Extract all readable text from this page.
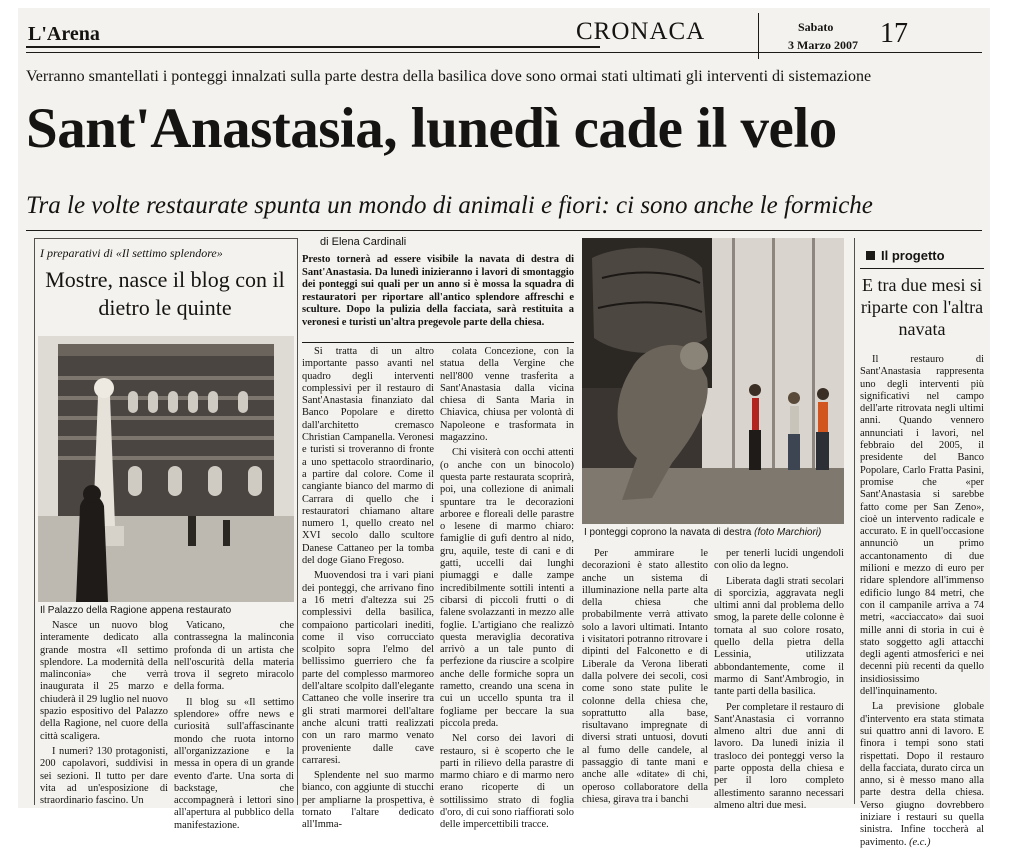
L'Arena	CRONACA	Sabato
3 Marzo 2007 17
Verranno smantellati i ponteggi innalzati sulla parte destra della basilica dove sono ormai stati ultimati gli interventi di sistemazione
Sant'Anastasia, lunedì cade il velo
Tra le volte restaurate spunta un mondo di animali e fiori: ci sono anche le formiche
I preparativi di «Il settimo splendore»
Mostre, nasce il blog con il dietro le quinte
Il Palazzo della Ragione appena restaurato

Nasce un nuovo blog interamente dedicato alla grande mostra «Il settimo splendore. La modernità della malinconia» che verrà inaugurata il 25 marzo e chiuderà il 29 luglio nel nuovo spazio espositivo del Palazzo della Ragione, nel cuore della città scaligera.

I numeri? 130 protagonisti, 200 capolavori, suddivisi in sei sezioni. Il tutto per dare vita ad un'esposizione di straordinario fascino. Un

Vaticano, che contrassegna la malinconia profonda di un artista che nell'oscurità della materia trova il segreto miracolo della forma.

Il blog su «Il settimo splendore» offre news e curiosità sull'affascinante mondo che ruota intorno all'organizzazione e la messa in opera di un grande evento d'arte. Una sorta di backstage, che accompagnerà i lettori sino all'apertura al pubblico della manifestazione.

di Elena Cardinali
Presto tornerà ad essere visibile la navata di destra di Sant'Anastasia. Da lunedì inizieranno i lavori di smontaggio dei ponteggi sui quali per un anno si è mossa la squadra di restauratori per riportare all'antico splendore affreschi e sculture. Dopo la pulizia della facciata, sarà restituita a veronesi e turisti un'altra pregevole parte della chiesa.

Si tratta di un altro importante passo avanti nel quadro degli interventi complessivi per il restauro di Sant'Anastasia finanziato dal Banco Popolare e diretto dall'architetto cremasco Christian Campanella. Veronesi e turisti si troveranno di fronte a uno spettacolo straordinario, a partire dal colore. Come il cangiante bianco del marmo di Carrara di quello che i restauratori chiamano altare numero 1, quello creato nel XVI secolo dallo scultore Danese Cattaneo per la tomba del doge Giano Fregoso.

Muovendosi tra i vari piani dei ponteggi, che arrivano fino a 16 metri d'altezza sui 25 complessivi della basilica, compaiono particolari inediti, come il viso corrucciato scolpito sopra l'elmo del bellissimo guerriero che fa parte del complesso marmoreo dell'altare scolpito dall'elegante Cattaneo che volle inserire tra gli strati marmorei dell'altare anche alcuni tratti realizzati con un raro marmo venato proveniente dalle cave carraresi.

Splendente nel suo marmo bianco, con aggiunte di stucchi per ampliarne la prospettiva, è tornato l'altare dedicato all'Imma-

colata Concezione, con la statua della Vergine che nell'800 venne trasferita a Sant'Anastasia dalla vicina chiesa di Santa Maria in Chiavica, chiusa per volontà di Napoleone e trasformata in magazzino.

Chi visiterà con occhi attenti (o anche con un binocolo) questa parte restaurata scoprirà, poi, una collezione di animali spuntare tra le decorazioni arboree e floreali delle parastre o lesene di marmo chiaro: famiglie di gufi dentro al nido, gru, aquile, teste di cani e di gatti, uccelli dai lunghi piumaggi e dalle zampe incredibilmente sottili intenti a cibarsi di piccoli frutti o di falene svolazzanti in mezzo alle foglie. L'artigiano che realizzò questa meraviglia decorativa arrivò a un tale punto di perfezione da riuscire a scolpire anche delle formiche sopra un rametto, creando una scena in cui un uccello spunta tra il fogliame per beccare la sua piccola preda.

Nel corso dei lavori di restauro, si è scoperto che le parti in rilievo della parastre di marmo chiaro e di marmo nero erano ricoperte di un sottilissimo strato di foglia d'oro, di cui sono riaffiorati solo delle impercettibili tracce.

I ponteggi coprono la navata di destra (foto Marchiori)

Per ammirare le decorazioni è stato allestito anche un sistema di illuminazione nella parte alta della chiesa che probabilmente verrà attivato solo a lavori ultimati. Intanto i visitatori potranno ritrovare i dipinti del Falconetto e di Liberale da Verona liberati dalla polvere dei secoli, così come sono state pulite le colonne della chiesa che, soprattutto alla base, risultavano impregnate di diversi strati untuosi, dovuti al fumo delle candele, al passaggio di tante mani e anche alle «ditate» di chi, operoso collaboratore della chiesa, girava tra i banchi

per tenerli lucidi ungendoli con olio da legno.

Liberata dagli strati secolari di sporcizia, aggravata negli ultimi anni dal problema dello smog, la parete delle colonne è tornata al suo colore rosato, quello della pietra della Lessinia, utilizzata abbondantemente, come il marmo di Sant'Ambrogio, in tante parti della basilica.

Per completare il restauro di Sant'Anastasia ci vorranno almeno altri due anni di lavoro. Da lunedì inizia il trasloco dei ponteggi verso la parte opposta della chiesa e per il loro completo allestimento saranno necessari almeno altri due mesi.

Il progetto
E tra due mesi si riparte con l'altra navata

Il restauro di Sant'Anastasia rappresenta uno degli interventi più significativi nel campo dell'arte ritrovata negli ultimi anni. Quando vennero annunciati i lavori, nel febbraio del 2005, il presidente del Banco Popolare, Carlo Fratta Pasini, promise che «per Sant'Anastasia si sarebbe fatto come per San Zeno», cioè un intervento radicale e accurato. E in quell'occasione annunciò un primo accantonamento di due milioni e mezzo di euro per ridare splendore all'immenso edificio lungo 84 metri, che con il campanile arriva a 74 metri, «acciaccato» dai suoi mille anni di storia in cui è stato soggetto agli attacchi degli agenti atmosferici e nei decenni più recenti da quello insidiosissimo dell'inquinamento.

La previsione globale d'intervento era stata stimata sui quattro anni di lavoro. E finora i tempi sono stati rispettati. Dopo il restauro della facciata, durato circa un anno, si è messo mano alla parte destra della chiesa. Verso giugno dovrebbero iniziare i restauri su quella sinistra. Infine toccherà al pavimento. (e.c.)
